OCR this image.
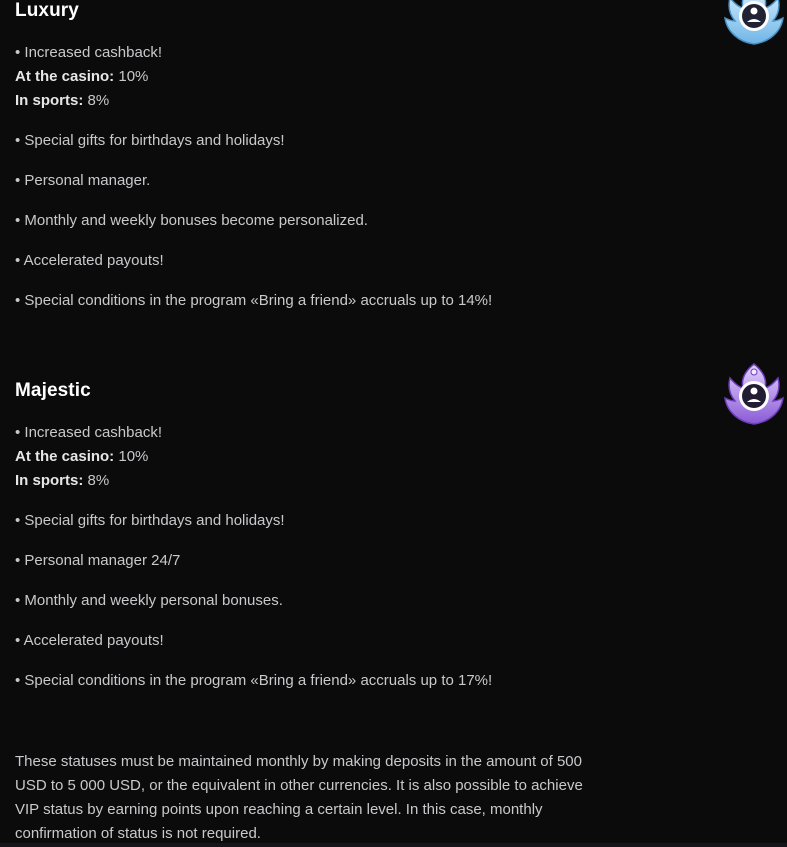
Luxury
• Increased cashback!
At the casino: 10%
In sports: 8%
• Special gifts for birthdays and holidays!
• Personal manager.
• Monthly and weekly bonuses become personalized.
• Accelerated payouts!
• Special conditions in the program «Bring a friend» accruals up to 14%!
Majestic
• Increased cashback!
At the casino: 10%
In sports: 8%
• Special gifts for birthdays and holidays!
• Personal manager 24/7
• Monthly and weekly personal bonuses.
• Accelerated payouts!
• Special conditions in the program «Bring a friend» accruals up to 17%!

These statuses must be maintained monthly by making deposits in the amount of 500 USD to 5 000 USD, or the equivalent in other currencies. It is also possible to achieve VIP status by earning points upon reaching a certain level. In this case, monthly confirmation of status is not required.
